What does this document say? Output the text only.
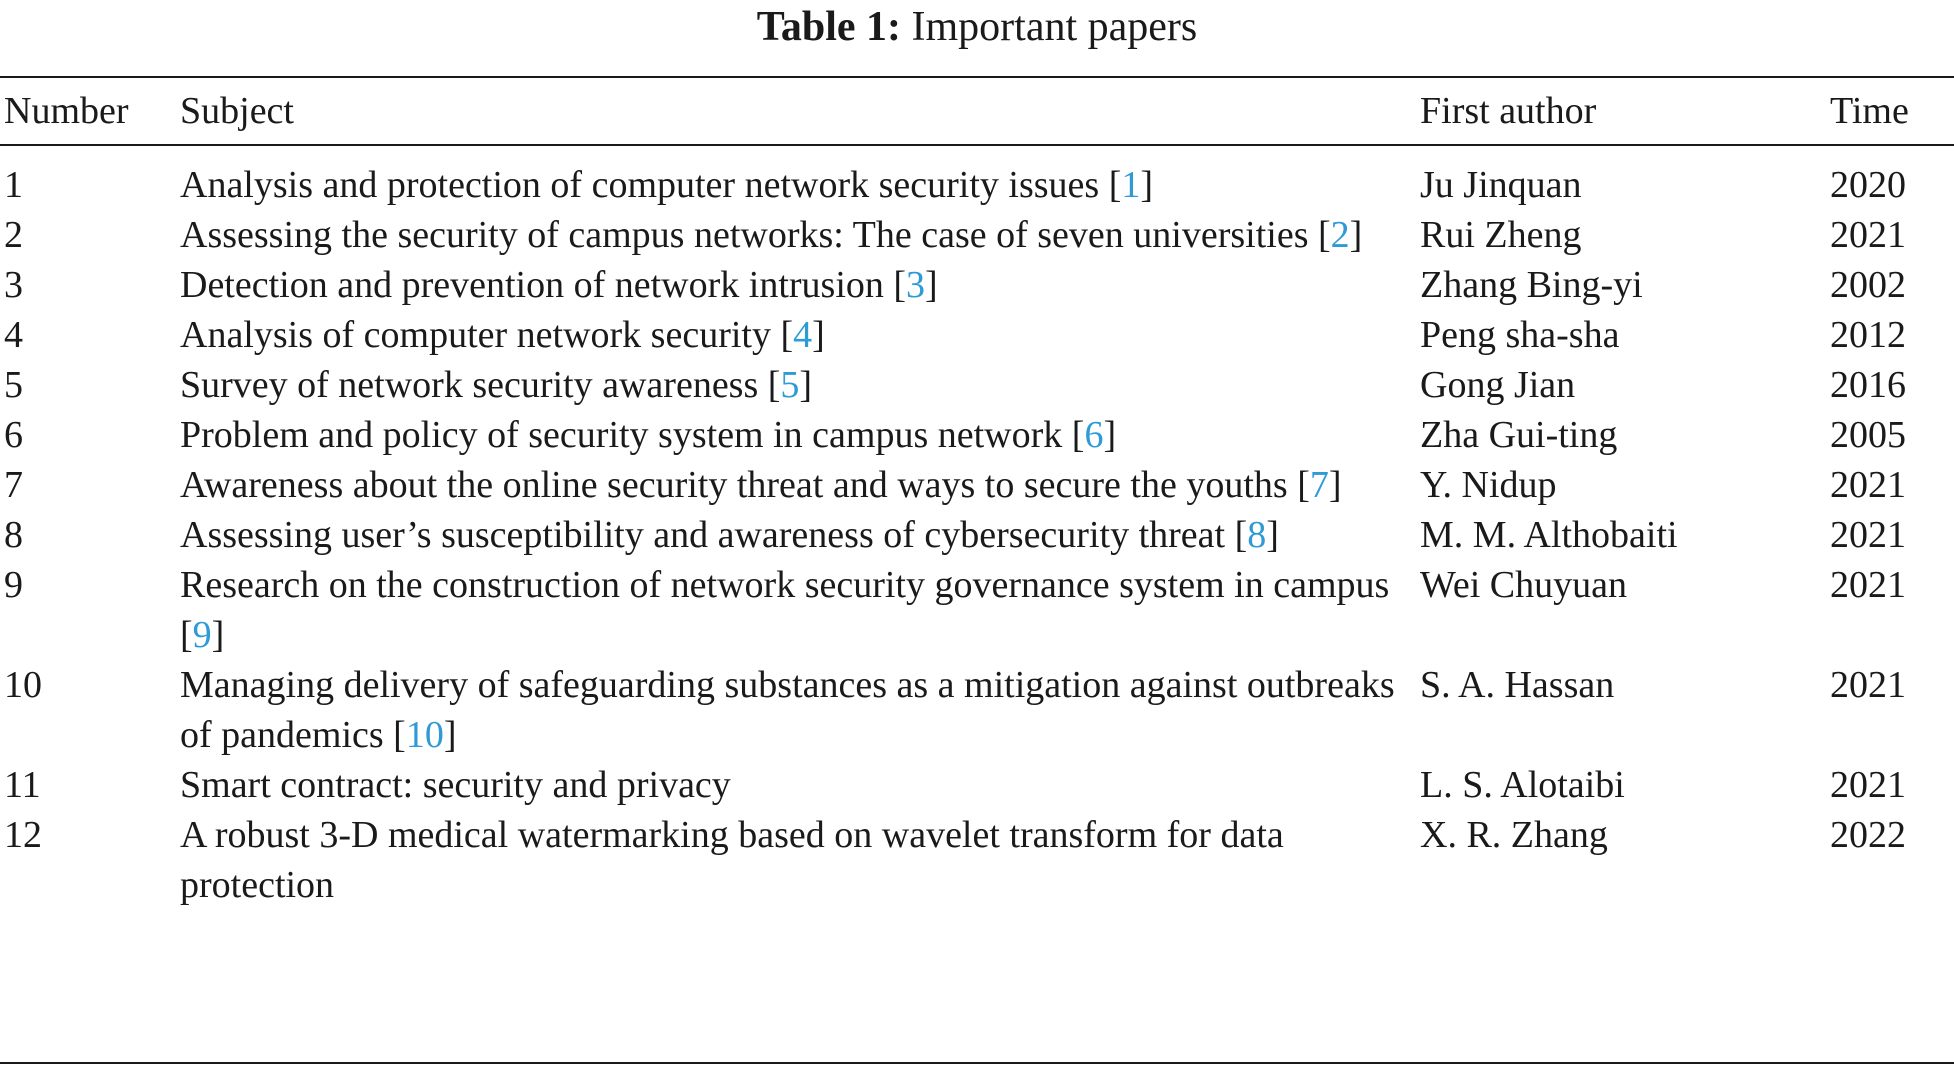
Table 1: Important papers
Number	Subject	First author	Time
1	Analysis and protection of computer network security issues [1]	Ju Jinquan	2020
2	Assessing the security of campus networks: The case of seven universities [2]	Rui Zheng	2021
3	Detection and prevention of network intrusion [3]	Zhang Bing-yi	2002
4	Analysis of computer network security [4]	Peng sha-sha	2012
5	Survey of network security awareness [5]	Gong Jian	2016
6	Problem and policy of security system in campus network [6]	Zha Gui-ting	2005
7	Awareness about the online security threat and ways to secure the youths [7]	Y. Nidup	2021
8	Assessing user’s susceptibility and awareness of cybersecurity threat [8]	M. M. Althobaiti	2021
9	Research on the construction of network security governance system in campus [9]	Wei Chuyuan	2021
10	Managing delivery of safeguarding substances as a mitigation against outbreaks of pandemics [10]	S. A. Hassan	2021
11	Smart contract: security and privacy	L. S. Alotaibi	2021
12	A robust 3-D medical watermarking based on wavelet transform for data protection	X. R. Zhang	2022
